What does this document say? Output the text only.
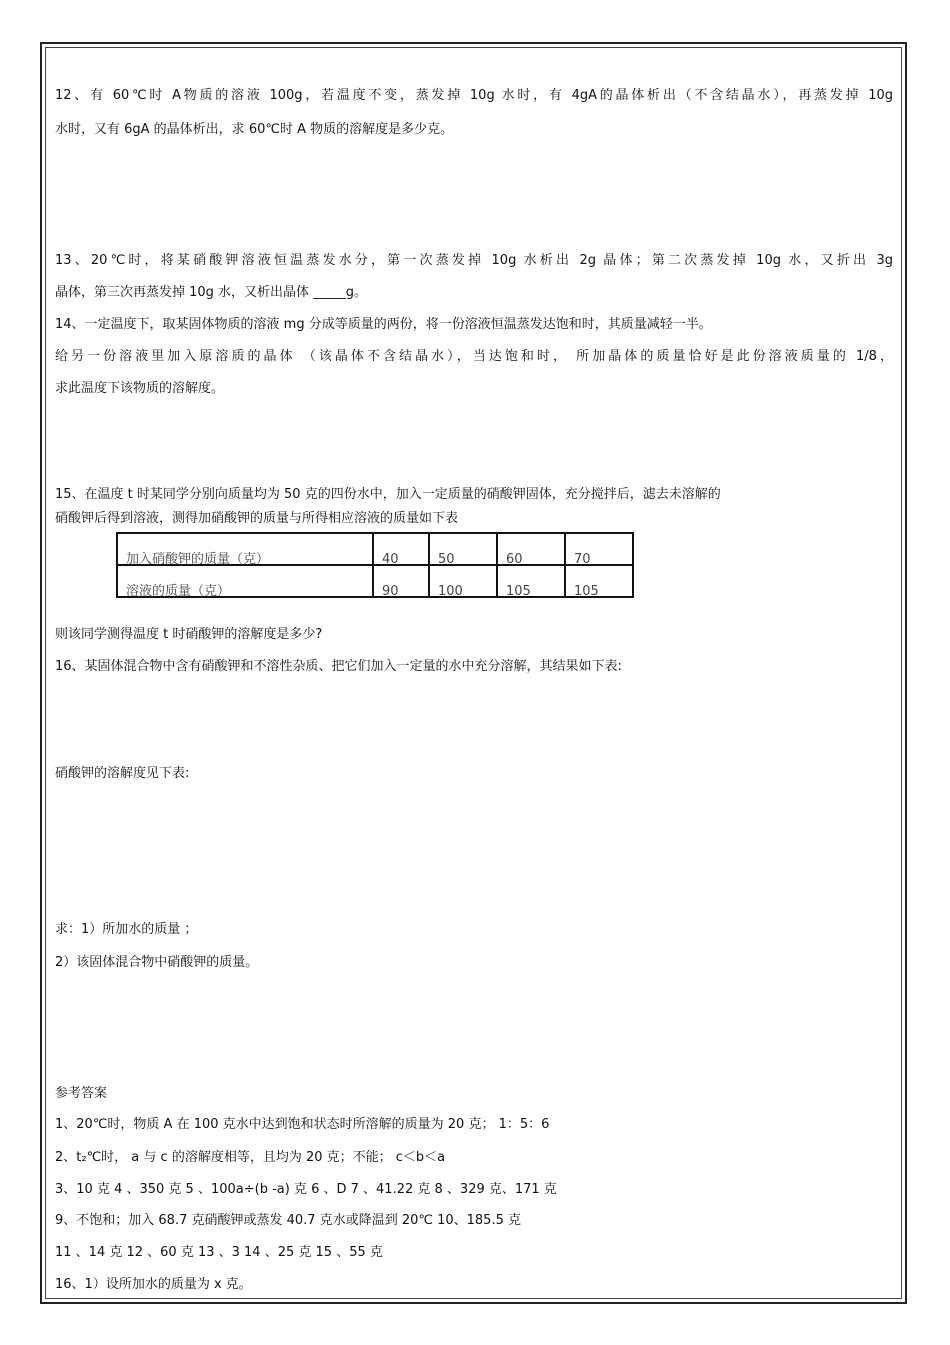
12、有 60℃时 A物质的溶液 100g，若温度不变，蒸发掉 10g 水时，有 4gA的晶体析出（不含结晶水），再蒸发掉 10g

水时，又有 6gA 的晶体析出，求 60℃时 A 物质的溶解度是多少克。

13、20℃时，将某硝酸钾溶液恒温蒸发水分，第一次蒸发掉 10g 水析出 2g 晶体；第二次蒸发掉 10g 水，又折出 3g

晶体，第三次再蒸发掉 10g 水，又析出晶体 _____g。

14、一定温度下，取某固体物质的溶液 mg 分成等质量的两份，将一份溶液恒温蒸发达饱和时，其质量减轻一半。

给另一份溶液里加入原溶质的晶体 （该晶体不含结晶水），当达饱和时， 所加晶体的质量恰好是此份溶液质量的 1/8，

求此温度下该物质的溶解度。

15、在温度 t 时某同学分别向质量均为 50 克的四份水中，加入一定质量的硝酸钾固体，充分搅拌后，滤去未溶解的

硝酸钾后得到溶液，测得加硝酸钾的质量与所得相应溶液的质量如下表

加入硝酸钾的质量（克）	40	50	60	70

溶液的质量（克）	90	100	105	105

则该同学测得温度 t 时硝酸钾的溶解度是多少?

16、某固体混合物中含有硝酸钾和不溶性杂质、把它们加入一定量的水中充分溶解，其结果如下表:

硝酸钾的溶解度见下表:

求：1）所加水的质量 ；

2）该固体混合物中硝酸钾的质量。

参考答案

1、20℃时，物质 A 在 100 克水中达到饱和状态时所溶解的质量为 20 克； 1：5：6

2、t₂℃时， a 与 c 的溶解度相等，且均为 20 克；不能； c＜b＜a

3、10 克 4 、350 克 5 、100a÷(b -a) 克 6 、D 7 、41.22 克 8 、329 克、171 克

9、不饱和；加入 68.7 克硝酸钾或蒸发 40.7 克水或降温到 20℃ 10、185.5 克

11 、14 克 12 、60 克 13 、3 14 、25 克 15 、55 克

16、1）设所加水的质量为 x 克。
